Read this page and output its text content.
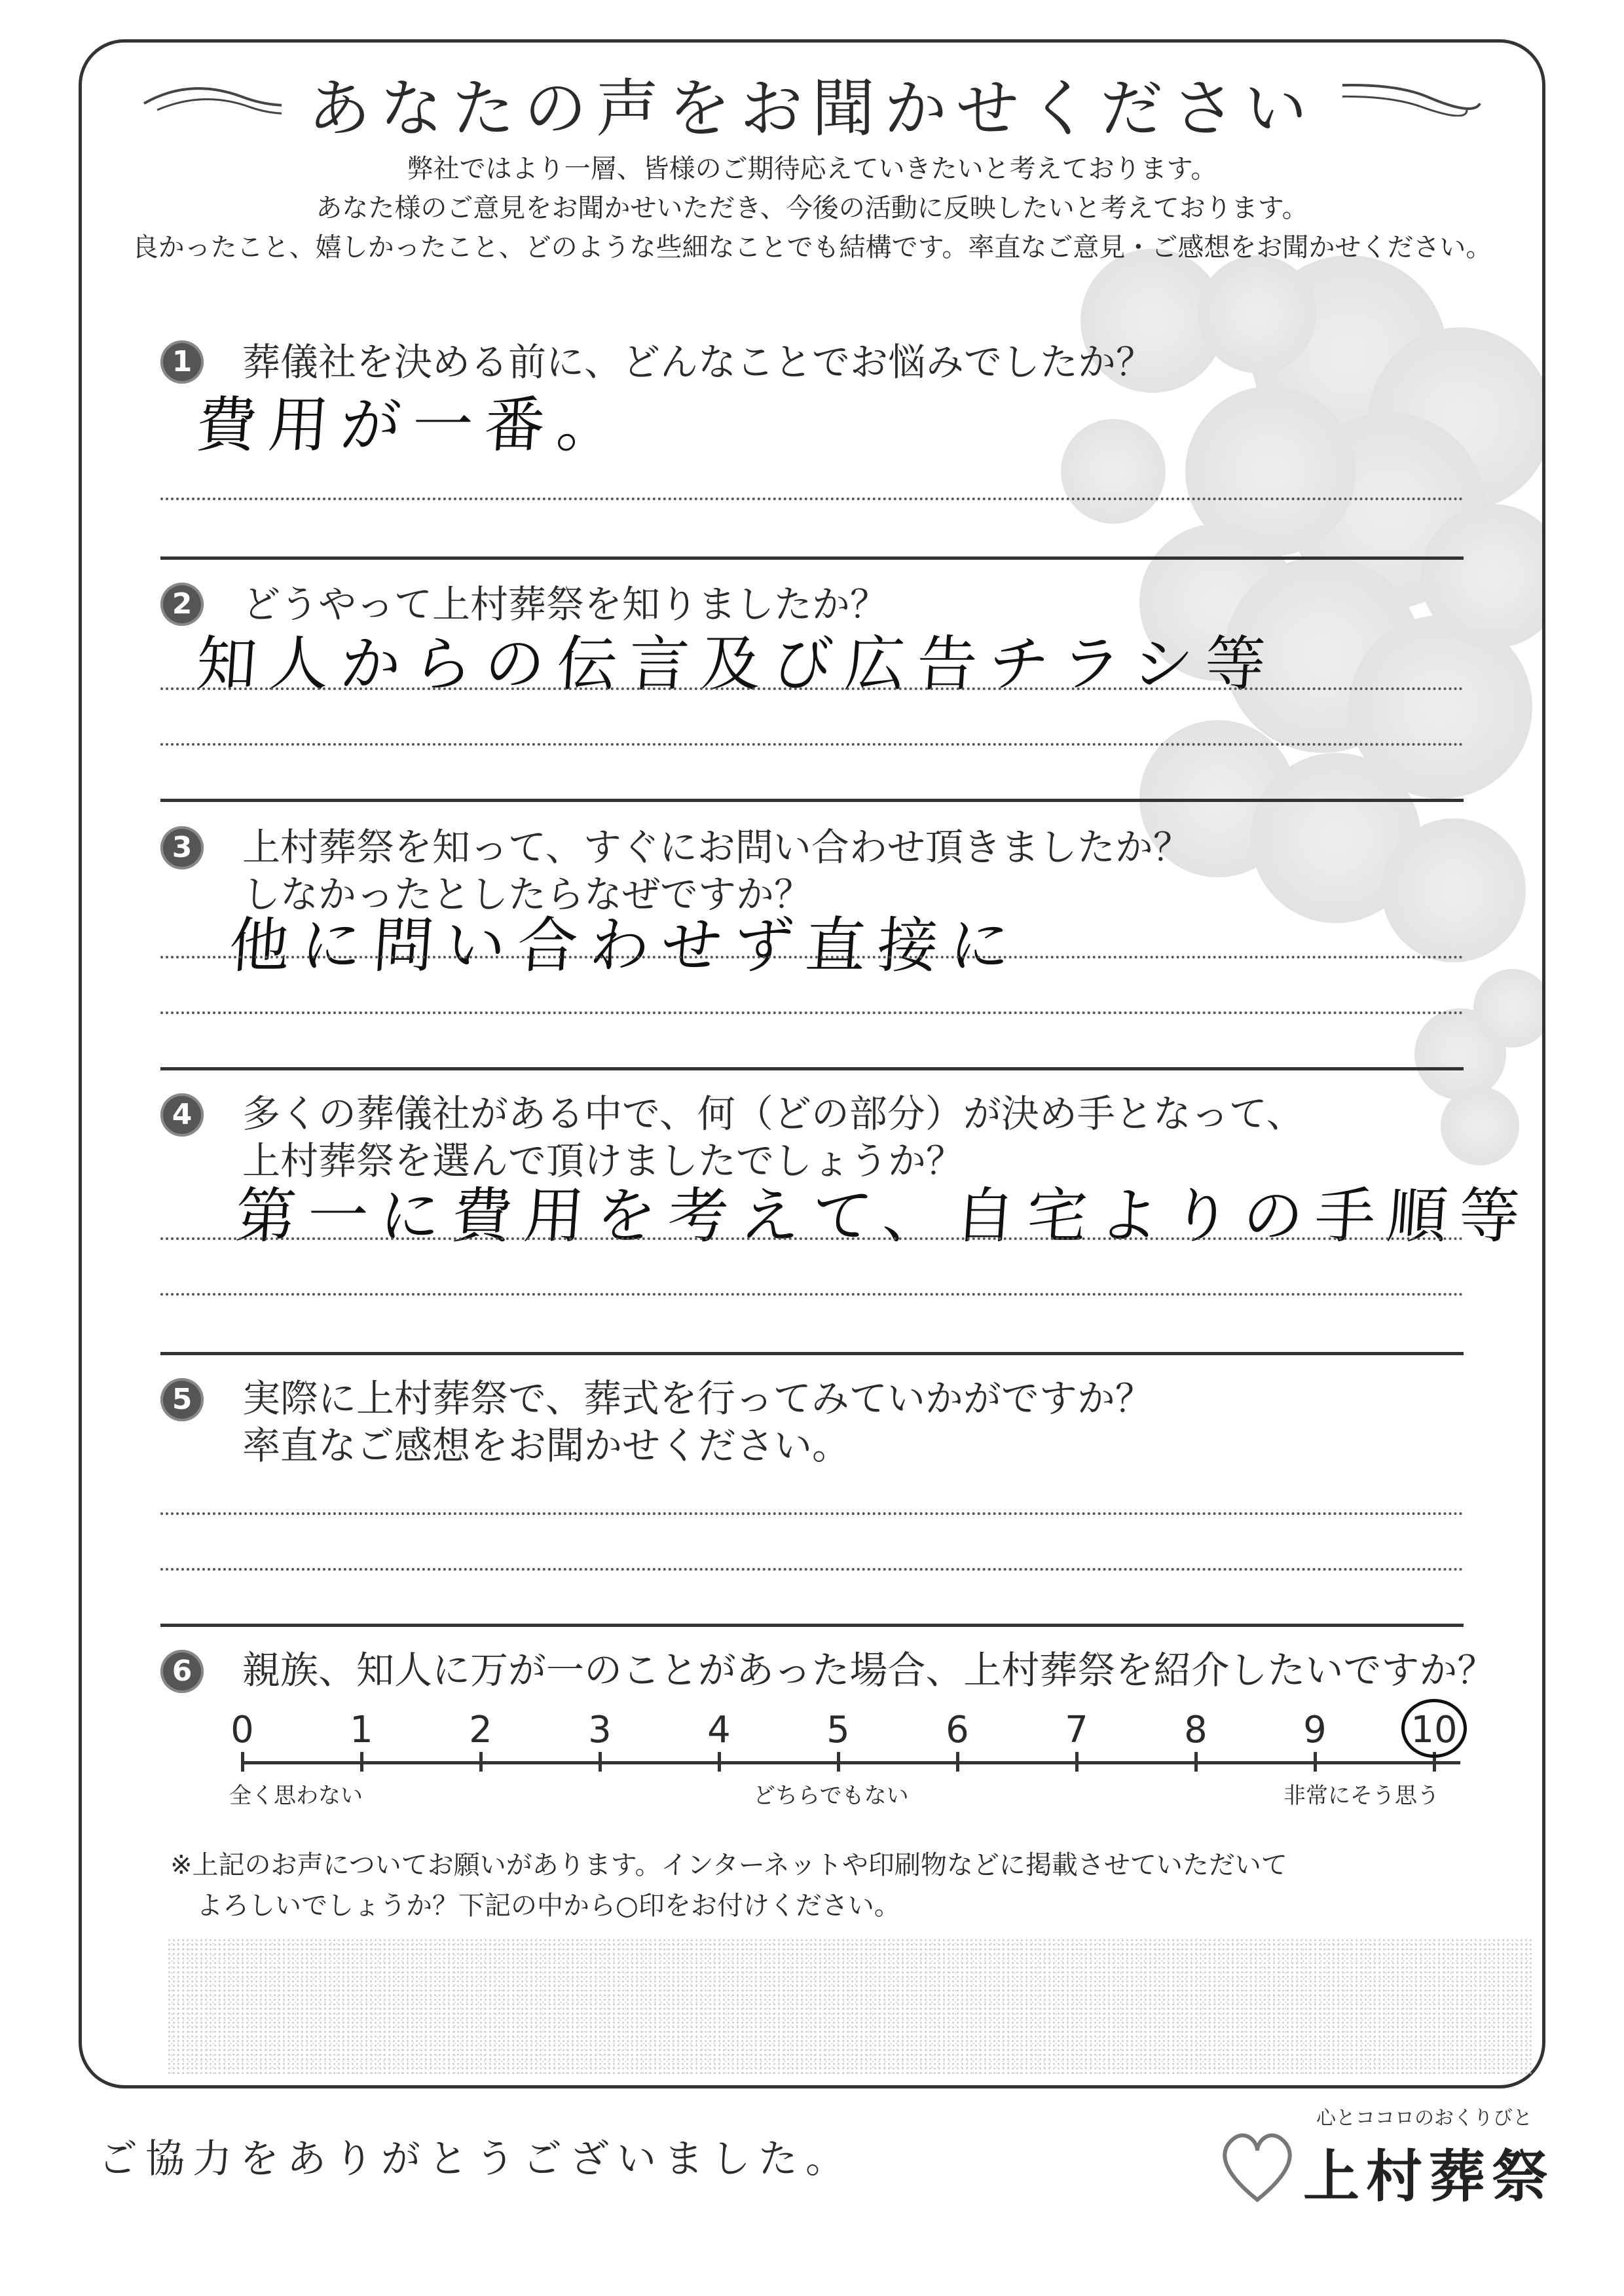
あなたの声をお聞かせください
弊社ではより一層、皆様のご期待応えていきたいと考えております。
あなた様のご意見をお聞かせいただき、今後の活動に反映したいと考えております。
良かったこと、嬉しかったこと、どのような些細なことでも結構です。率直なご意見・ご感想をお聞かせください。
1	葬儀社を決める前に、どんなことでお悩みでしたか？
費用が一番。
2	どうやって上村葬祭を知りましたか？
知人からの伝言及び広告チラシ等
3	上村葬祭を知って、すぐにお問い合わせ頂きましたか？
しなかったとしたらなぜですか？
他に問い合わせず直接に
4	多くの葬儀社がある中で、何（どの部分）が決め手となって、
上村葬祭を選んで頂けましたでしょうか？
第一に費用を考えて、自宅よりの手順等
5	実際に上村葬祭で、葬式を行ってみていかがですか？
率直なご感想をお聞かせください。
6	親族、知人に万が一のことがあった場合、上村葬祭を紹介したいですか？
0	1	2	3	4	5	6	7	8	9	10
全く思わない	どちらでもない	非常にそう思う
※上記のお声についてお願いがあります。インターネットや印刷物などに掲載させていただいて
よろしいでしょうか？下記の中から○印をお付けください。
ご協力をありがとうございました。
心とココロのおくりびと
上村葬祭
